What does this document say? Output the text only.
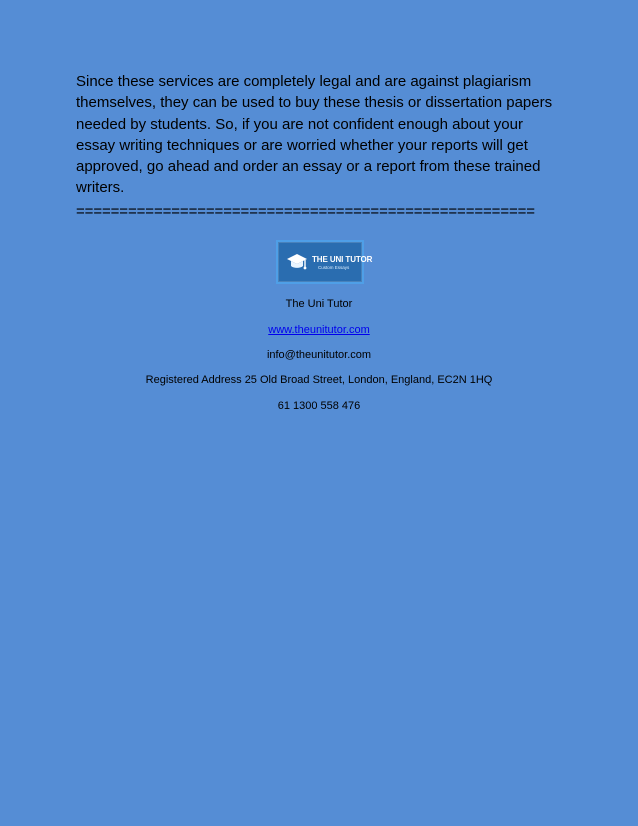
Since these services are completely legal and are against plagiarism themselves, they can be used to buy these thesis or dissertation papers needed by students. So, if you are not confident enough about your essay writing techniques or are worried whether your reports will get approved, go ahead and order an essay or a report from these trained writers.

=====================================================
THE UNI TUTOR
Custom Essays
The Uni Tutor
www.theunitutor.com
info@theunitutor.com
Registered Address 25 Old Broad Street, London, England, EC2N 1HQ
61 1300 558 476
